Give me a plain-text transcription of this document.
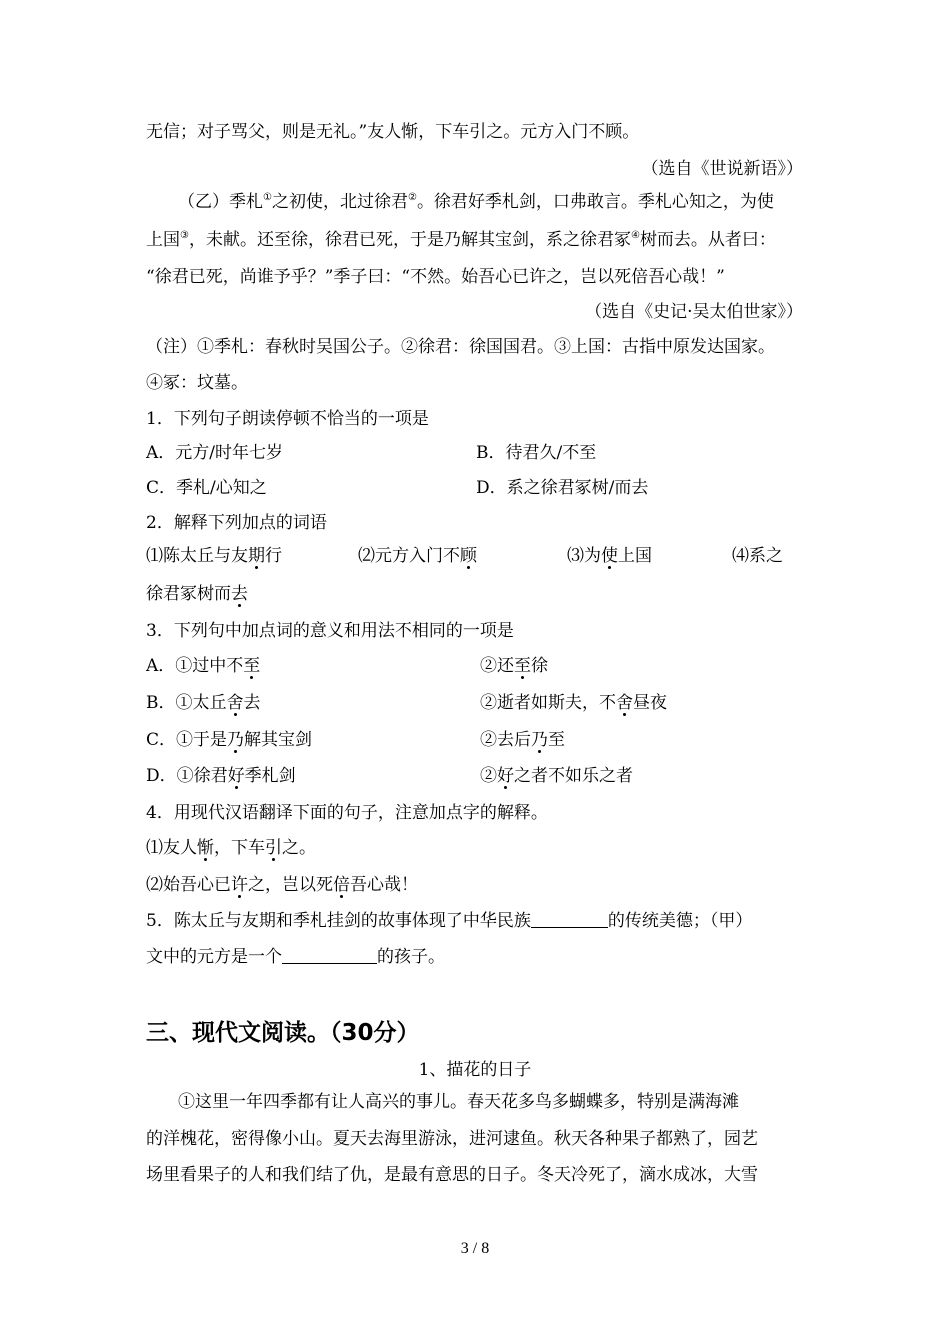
无信；对子骂父，则是无礼。”友人惭，下车引之。元方入门不顾。
（选自《世说新语》）
（乙）季札①之初使，北过徐君②。徐君好季札剑，口弗敢言。季札心知之，为使
上国③，未献。还至徐，徐君已死，于是乃解其宝剑，系之徐君冢④树而去。从者曰：
“徐君已死，尚谁予乎？”季子曰：“不然。始吾心已许之，岂以死倍吾心哉！”
（选自《史记·吴太伯世家》）
（注）①季札：春秋时吴国公子。②徐君：徐国国君。③上国：古指中原发达国家。
④冢：坟墓。
1．下列句子朗读停顿不恰当的一项是
A．元方/时年七岁	B．待君久/不至
C．季札/心知之	D．系之徐君冢树/而去
2．解释下列加点的词语
⑴陈太丘与友期行	⑵元方入门不顾	⑶为使上国	⑷系之
徐君冢树而去
3．下列句中加点词的意义和用法不相同的一项是
A．①过中不至	②还至徐
B．①太丘舍去	②逝者如斯夫，不舍昼夜
C．①于是乃解其宝剑	②去后乃至
D．①徐君好季札剑	②好之者不如乐之者
4．用现代汉语翻译下面的句子，注意加点字的解释。
⑴友人惭，下车引之。
⑵始吾心已许之，岂以死倍吾心哉！
5．陈太丘与友期和季札挂剑的故事体现了中华民族	的传统美德；（甲）
文中的元方是一个	的孩子。
三、现代文阅读。（30分）
1、描花的日子
①这里一年四季都有让人高兴的事儿。春天花多鸟多蝴蝶多，特别是满海滩
的洋槐花，密得像小山。夏天去海里游泳，进河逮鱼。秋天各种果子都熟了，园艺
场里看果子的人和我们结了仇，是最有意思的日子。冬天冷死了，滴水成冰，大雪
3 / 8
